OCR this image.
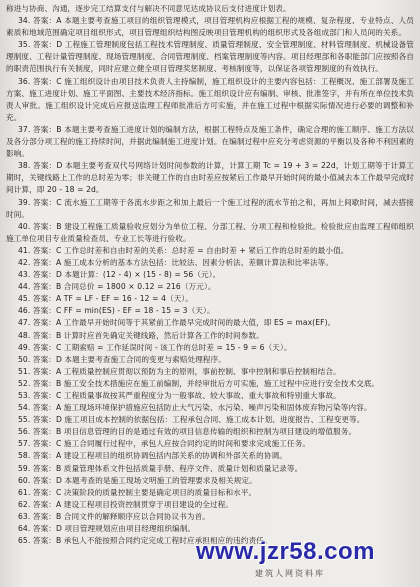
称进与协商、沟通，逐步完工结算支付与解决不同意见达成协议后支付进度计划表。
34. 答案：A 本题主要考查施工项目的组织管理模式，项目管理机构应根据工程的规模、复杂程度、专业特点、人员素质和地域范围确定项目组织形式，项目管理组织结构图反映项目管理机构的组织形式及各组成部门和人员间的关系。
35. 答案：D 工程施工管理制度包括工程技术管理制度、质量管理制度、安全管理制度、材料管理制度、机械设备管理制度、工程计量管理制度、现场管理制度、合同管理制度、档案管理制度等内容。项目经理部和各职能部门应按照各自的职责范围执行有关制度，同时应建立健全项目管理奖惩制度、考核制度等，以保证各项管理制度的有效执行。
36. 答案：C 施工组织设计由项目技术负责人主持编制，施工组织设计的主要内容包括：工程概况、施工部署及施工方案、施工进度计划、施工平面图、主要技术经济指标。施工组织设计应有编制、审核、批准签字，并有所在单位技术负责人审批。施工组织设计完成后应报送监理工程师批准后方可实施，并在施工过程中根据实际情况进行必要的调整和补充。
37. 答案：B 本题主要考查施工进度计划的编制方法，根据工程特点及施工条件，确定合理的施工顺序、施工方法以及各分部分项工程的施工持续时间，并据此编制施工进度计划。在编制过程中应充分考虑资源的平衡以及各种不利因素的影响。
38. 答案：D 本题主要考查双代号网络计划时间参数的计算，计算工期 Tc = 19 + 3 = 22d，计划工期等于计算工期时，关键线路上工作的总时差为零；非关键工作的自由时差应按紧后工作最早开始时间的最小值减去本工作最早完成时间计算，即 20 - 18 = 2d。
39. 答案：C 流水施工工期等于各流水步距之和加上最后一个施工过程的流水节拍之和，再加上间歇时间，减去搭接时间。
40. 答案：B 建设工程施工质量验收应划分为单位工程、分部工程、分项工程和检验批。检验批应由监理工程师组织施工单位项目专业质量检查员、专业工长等进行验收。
41. 答案：C 工作总时差和自由时差的关系：总时差 = 自由时差 + 紧后工作的总时差的最小值。
42. 答案：A 施工成本分析的基本方法包括：比较法、因素分析法、差额计算法和比率法等。
43. 答案：D 本题计算：(12 - 4) × (15 - 8) = 56（元）。
44. 答案：B 合同总价 = 1800 × 0.12 = 216（万元）。
45. 答案：A TF = LF - EF = 16 - 12 = 4（天）。
46. 答案：C FF = min(ES) - EF = 18 - 15 = 3（天）。
47. 答案：A 工作最早开始时间等于其紧前工作最早完成时间的最大值，即 ES = max(EF)。
48. 答案：B 计算时应首先确定关键线路，然后计算各工作的时间参数。
49. 答案：C 工期索赔 = 工作延误时间 - 该工作的总时差 = 15 - 9 = 6（天）。
50. 答案：D 本题主要考查施工合同的变更与索赔处理程序。
51. 答案：A 工程质量控制应贯彻以预防为主的原则，事前控制、事中控制和事后控制相结合。
52. 答案：B 施工安全技术措施应在施工前编制，并经审批后方可实施，施工过程中应进行安全技术交底。
53. 答案：C 工程质量事故按其严重程度分为一般事故、较大事故、重大事故和特别重大事故。
54. 答案：A 施工现场环境保护措施应包括防止大气污染、水污染、噪声污染和固体废弃物污染等内容。
55. 答案：D 施工项目成本控制的依据包括：工程承包合同、施工成本计划、进度报告、工程变更等。
56. 答案：B 项目信息管理的目的是通过有效的项目信息传输的组织和控制为项目建设的增值服务。
57. 答案：C 施工合同履行过程中，承包人应按合同约定的时间和要求完成施工任务。
58. 答案：A 建设工程项目的组织协调包括内部关系的协调和外部关系的协调。
59. 答案：B 质量管理体系文件包括质量手册、程序文件、质量计划和质量记录等。
60. 答案：D 本题考查的是施工现场文明施工的管理要求及相关规定。
61. 答案：C 决策阶段的质量控制主要是确定项目的质量目标和水平。
62. 答案：A 建设工程项目投资控制贯穿于项目建设的全过程。
63. 答案：B 合同文件的解释顺序应以合同协议书为首。
64. 答案：D 项目管理规划应由项目经理组织编制。
65. 答案：B 承包人不能按照合同约定完成工程时应承担相应的违约责任。
www.jzr58.com
建筑人网资料库
